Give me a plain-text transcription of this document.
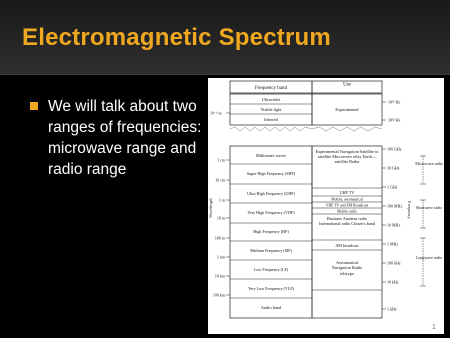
Electromagnetic Spectrum
We will talk about two ranges of frequencies: microwave range and radio range
Frequency band
Use
Ultraviolet
Visible light
Infrared
Experimental
10¹⁵ Hz
10¹⁴ Hz
10⁻⁶ m
Millimeter waves
Super High Frequency (SHF)
Ultra High Frequency (UHF)
Very High Frequency (VHF)
High Frequency (HF)
Medium Frequency (MF)
Low Frequency (LF)
Very Low Frequency (VLF)
Audio band
Experimental Navigation Satellite to satellite Microwave relay Earth—satellite Radar
UHF TV
Mobile, aeronautical
VHF TV and FM Broadcast
Mobile radio
Business Amateur radio International radio Citizen's band
AM broadcast
Aeronautical Navigation Radio teletype
100 GHz
10 GHz
1 GHz
100 MHz
10 MHz
1 MHz
100 kHz
10 kHz
1 kHz
1 cm
10 cm
1 m
10 m
100 m
1 km
10 km
100 km
Wavelength	Frequency
Microwave radio
Shortwave radio
Longwave radio
1
